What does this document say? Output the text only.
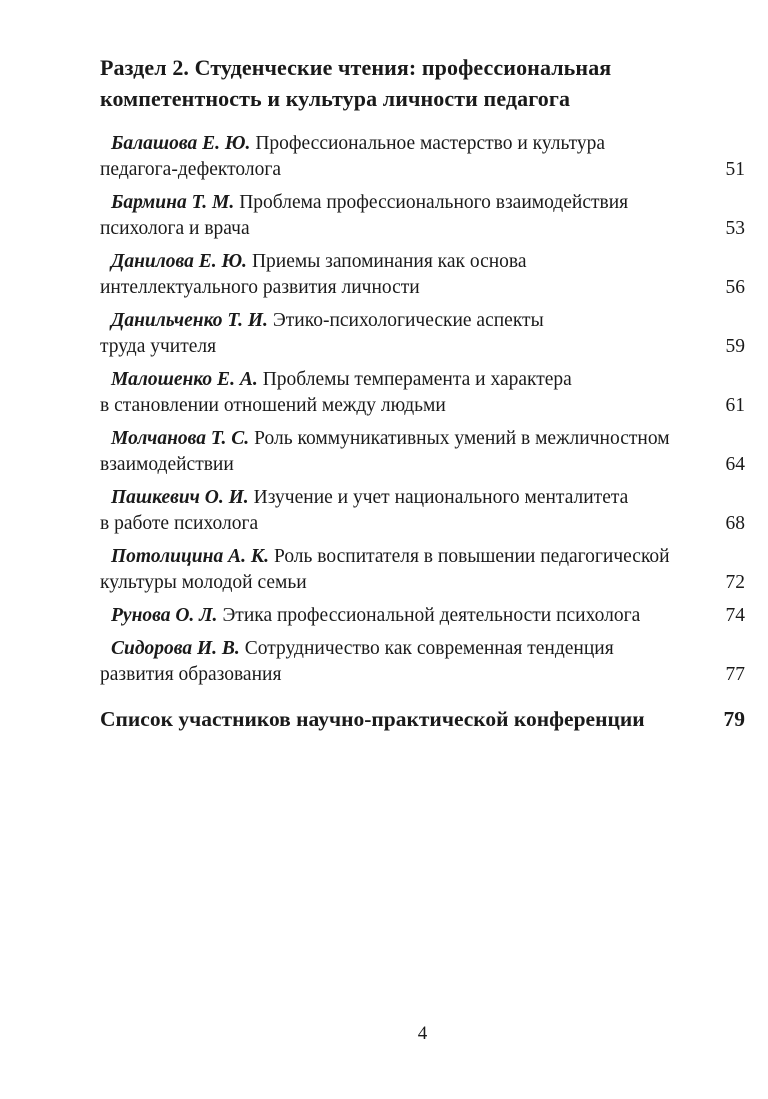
Раздел 2. Студенческие чтения: профессиональная
компетентность и культура личности педагога
Балашова Е. Ю. Профессиональное мастерство и культура
педагога-дефектолога	51
Бармина Т. М. Проблема профессионального взаимодействия
психолога и врача	53
Данилова Е. Ю. Приемы запоминания как основа
интеллектуального развития личности	56
Данильченко Т. И. Этико-психологические аспекты
труда учителя	59
Малошенко Е. А. Проблемы темперамента и характера
в становлении отношений между людьми	61
Молчанова Т. С. Роль коммуникативных умений в межличностном
взаимодействии	64
Пашкевич О. И. Изучение и учет национального менталитета
в работе психолога	68
Потолицина А. К. Роль воспитателя в повышении педагогической
культуры молодой семьи	72
Рунова О. Л. Этика профессиональной деятельности психолога	74
Сидорова И. В. Сотрудничество как современная тенденция
развития образования	77
Список участников научно-практической конференции	79
4
